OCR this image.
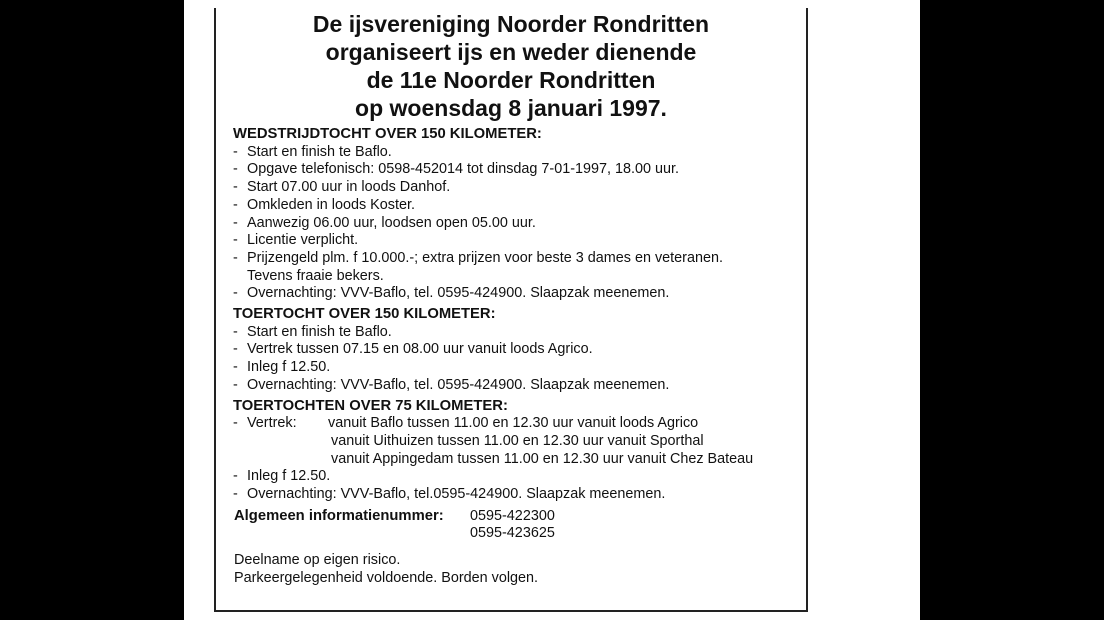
De ijsvereniging Noorder Rondritten
organiseert ijs en weder dienende
de 11e Noorder Rondritten
op woensdag 8 januari 1997.
WEDSTRIJDTOCHT OVER 150 KILOMETER:
- Start en finish te Baflo.
- Opgave telefonisch: 0598-452014 tot dinsdag 7-01-1997, 18.00 uur.
- Start 07.00 uur in loods Danhof.
- Omkleden in loods Koster.
- Aanwezig 06.00 uur, loodsen open 05.00 uur.
- Licentie verplicht.
- Prijzengeld plm. f 10.000.-; extra prijzen voor beste 3 dames en veteranen.
Tevens fraaie bekers.
- Overnachting: VVV-Baflo, tel. 0595-424900. Slaapzak meenemen.
TOERTOCHT OVER 150 KILOMETER:
- Start en finish te Baflo.
- Vertrek tussen 07.15 en 08.00 uur vanuit loods Agrico.
- Inleg f 12.50.
- Overnachting: VVV-Baflo, tel. 0595-424900. Slaapzak meenemen.
TOERTOCHTEN OVER 75 KILOMETER:
- Vertrek:	vanuit Baflo tussen 11.00 en 12.30 uur vanuit loods Agrico
vanuit Uithuizen tussen 11.00 en 12.30 uur vanuit Sporthal
vanuit Appingedam tussen 11.00 en 12.30 uur vanuit Chez Bateau
- Inleg f 12.50.
- Overnachting: VVV-Baflo, tel.0595-424900. Slaapzak meenemen.
Algemeen informatienummer:	0595-422300
0595-423625
Deelname op eigen risico.
Parkeergelegenheid voldoende. Borden volgen.
